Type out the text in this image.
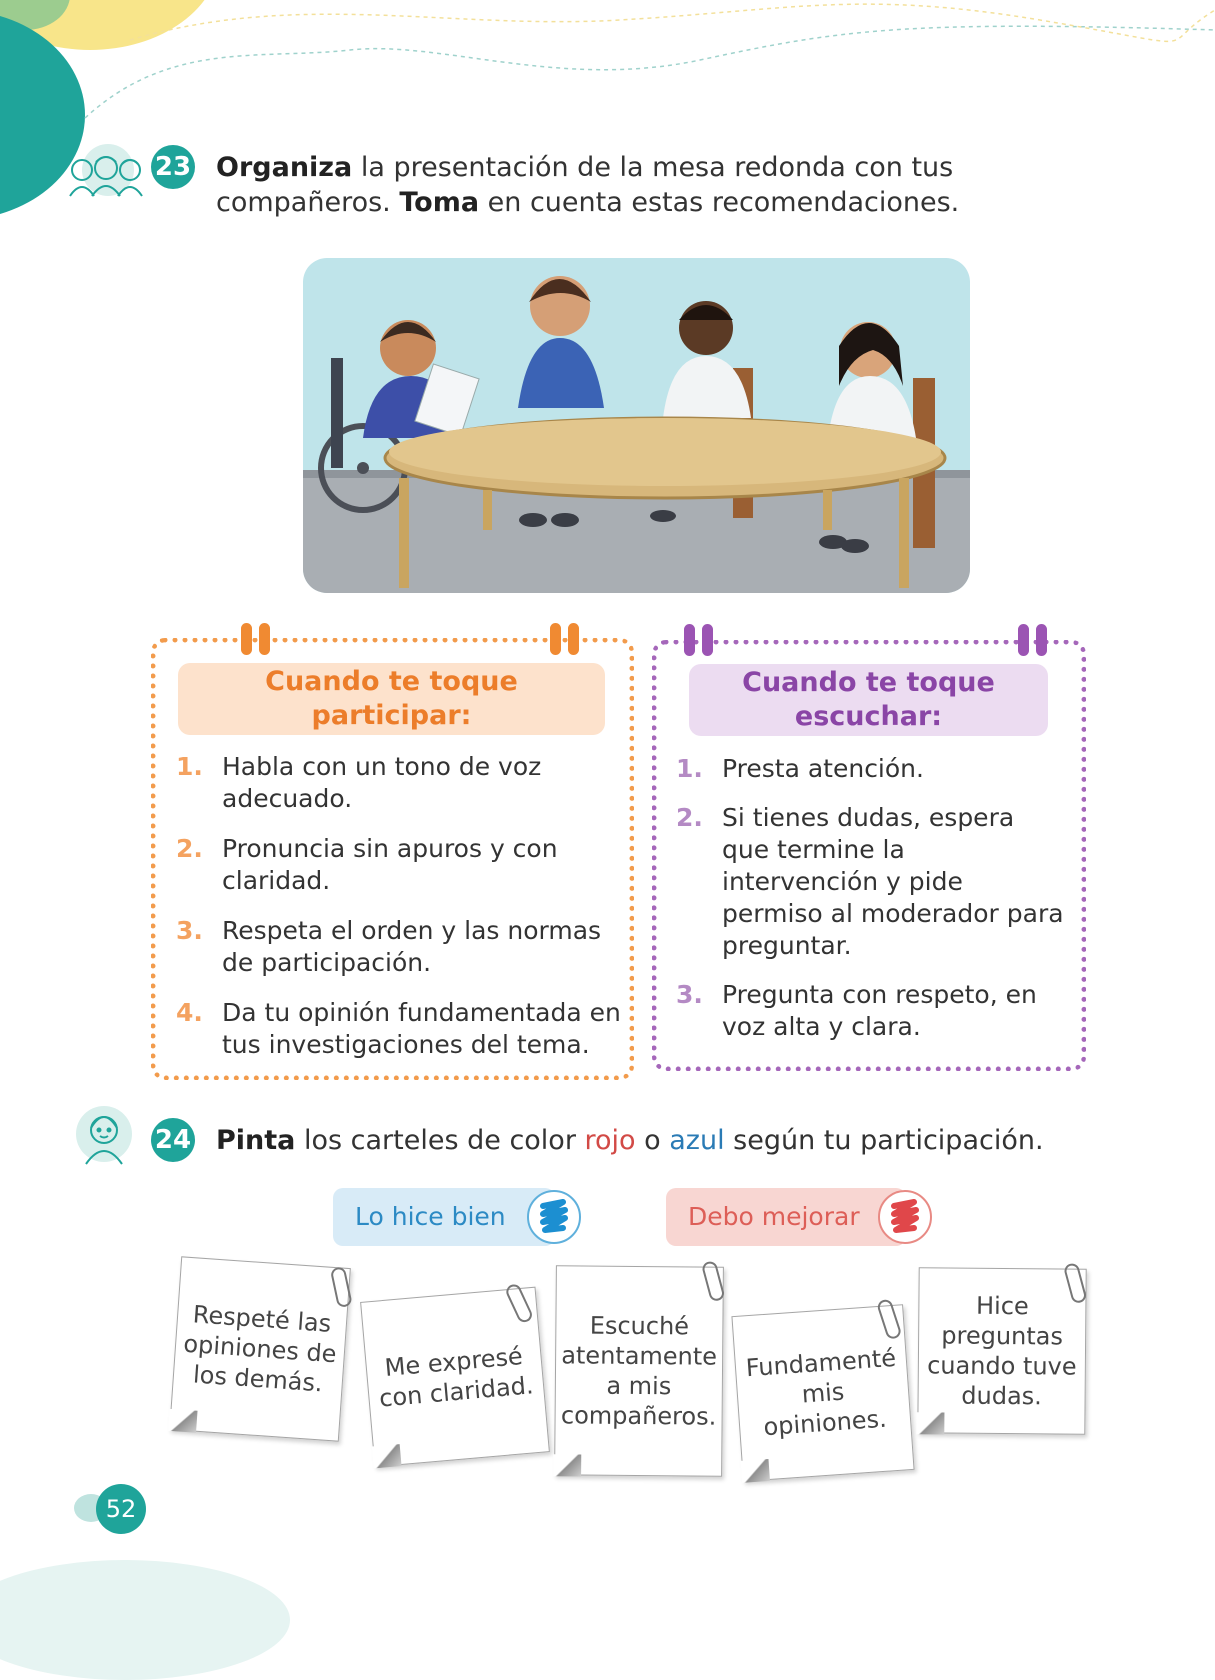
23 Organiza la presentación de la mesa redonda con tus
compañeros. Toma en cuenta estas recomendaciones.
Cuando te toque participar:
1. Habla con un tono de voz adecuado.
2. Pronuncia sin apuros y con claridad.
3. Respeta el orden y las normas de participación.
4. Da tu opinión fundamentada en tus investigaciones del tema.
Cuando te toque escuchar:
1. Presta atención.
2. Si tienes dudas, espera que termine la intervención y pide permiso al moderador para preguntar.
3. Pregunta con respeto, en voz alta y clara.
24 Pinta los carteles de color rojo o azul según tu participación.
Lo hice bien	Debo mejorar
Respeté las opiniones de los demás.	Me expresé con claridad.
Escuché atentamente a mis compañeros.
Fundamenté mis opiniones.
Hice preguntas cuando tuve dudas.
52
